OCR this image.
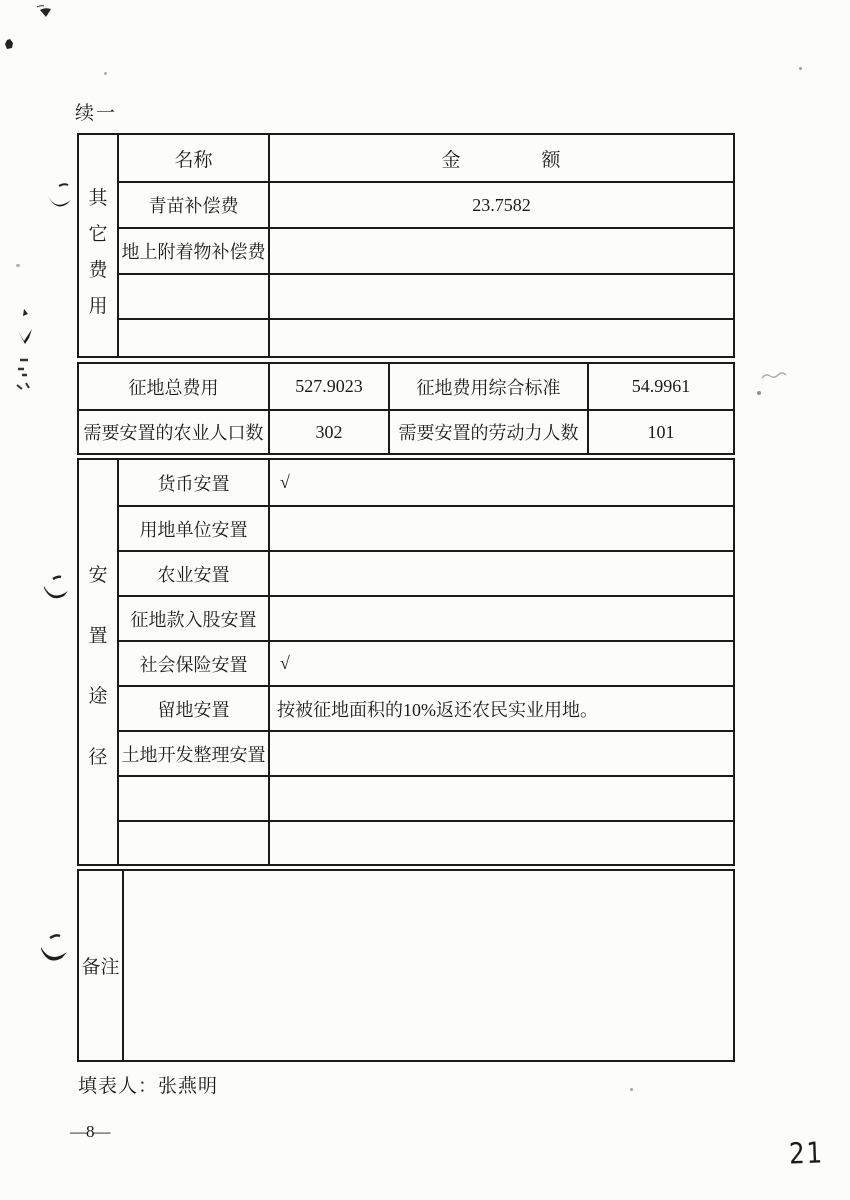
续一
其
它
费
用
名称	金　　　　额
青苗补偿费	23.7582
地上附着物补偿费
征地总费用	527.9023	征地费用综合标准	54.9961
需要安置的农业人口数	302	需要安置的劳动力人数	101
安
置
途
径
货币安置	√
用地单位安置
农业安置
征地款入股安置
社会保险安置	√
留地安置	按被征地面积的10%返还农民实业用地。
土地开发整理安置
备注
填表人：张燕明
—8—
21
